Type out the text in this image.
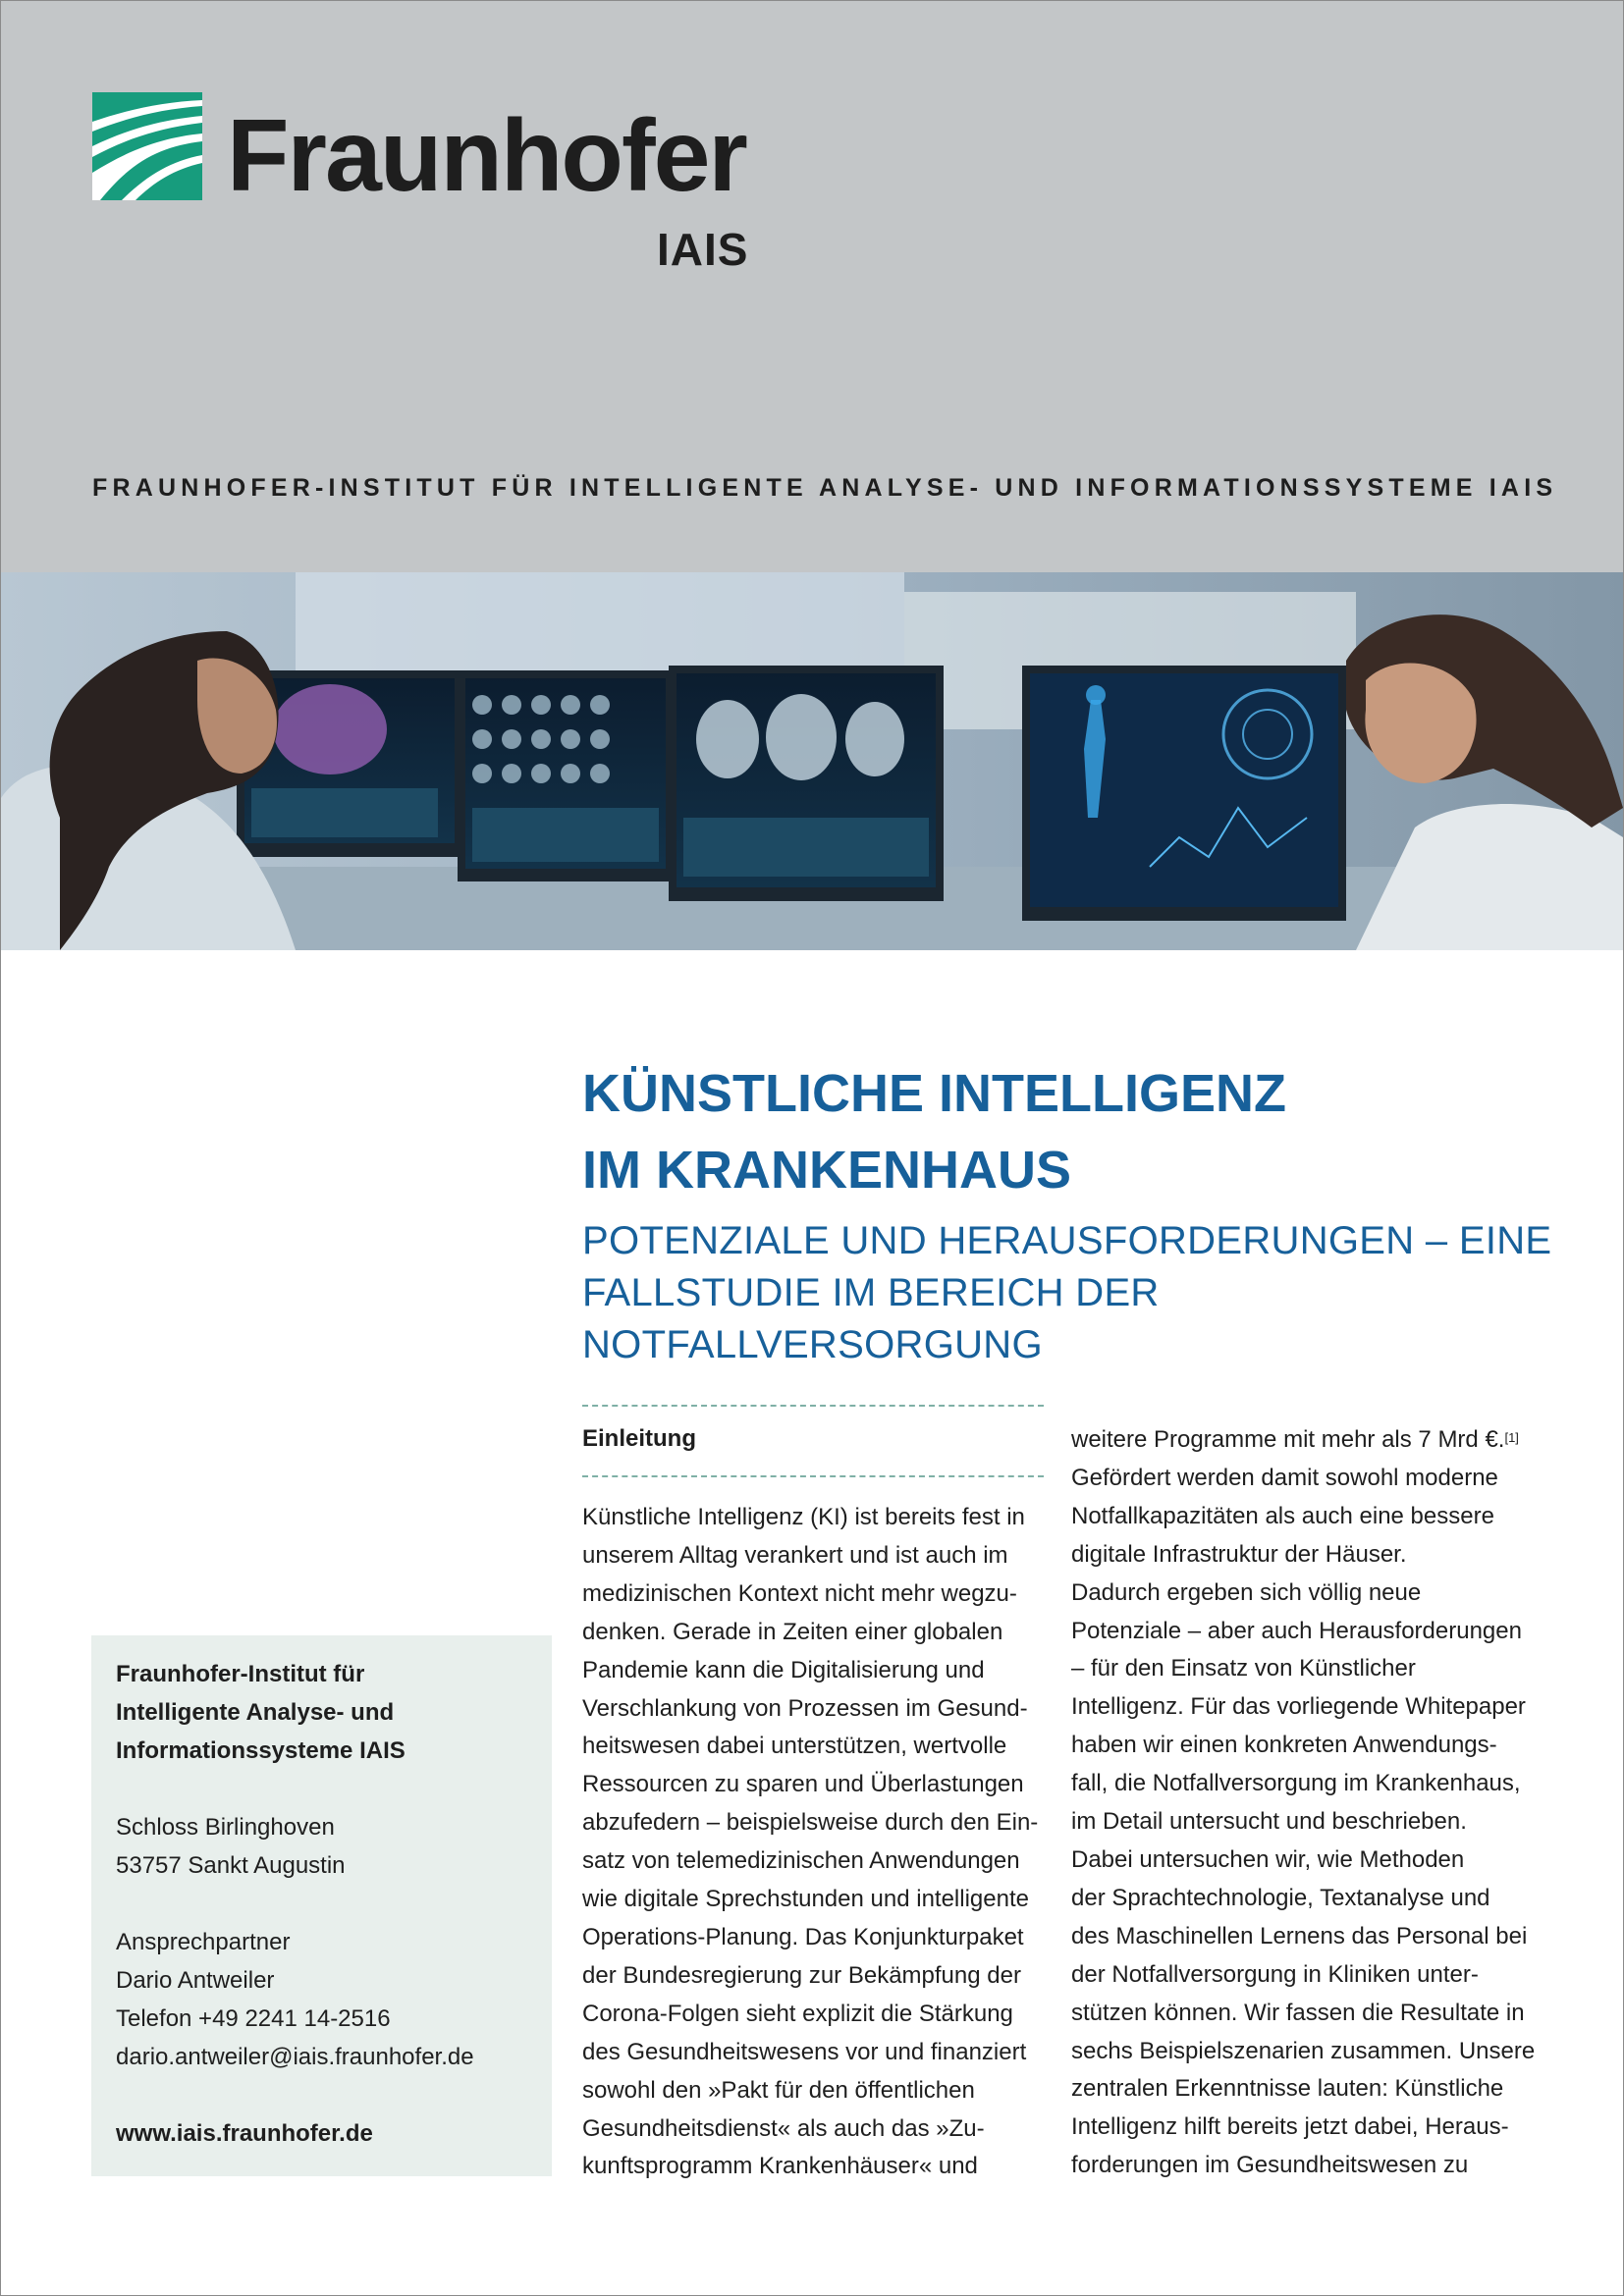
Fraunhofer
IAIS
FRAUNHOFER-INSTITUT FÜR INTELLIGENTE ANALYSE- UND INFORMATIONSSYSTEME IAIS
KÜNSTLICHE INTELLIGENZ
IM KRANKENHAUS
POTENZIALE UND HERAUSFORDERUNGEN – EINE
FALLSTUDIE IM BEREICH DER NOTFALLVERSORGUNG
Einleitung
Künstliche Intelligenz (KI) ist bereits fest in
unserem Alltag verankert und ist auch im
medizinischen Kontext nicht mehr wegzu-
denken. Gerade in Zeiten einer globalen
Pandemie kann die Digitalisierung und
Verschlankung von Prozessen im Gesund-
heitswesen dabei unterstützen, wertvolle
Ressourcen zu sparen und Überlastungen
abzufedern – beispielsweise durch den Ein-
satz von telemedizinischen Anwendungen
wie digitale Sprechstunden und intelligente
Operations-Planung. Das Konjunkturpaket
der Bundesregierung zur Bekämpfung der
Corona-Folgen sieht explizit die Stärkung
des Gesundheitswesens vor und finanziert
sowohl den »Pakt für den öffentlichen
Gesundheitsdienst« als auch das »Zu-
kunftsprogramm Krankenhäuser« und
weitere Programme mit mehr als 7 Mrd €.[1]
Gefördert werden damit sowohl moderne
Notfallkapazitäten als auch eine bessere
digitale Infrastruktur der Häuser.
Dadurch ergeben sich völlig neue
Potenziale – aber auch Herausforderungen
– für den Einsatz von Künstlicher
Intelligenz. Für das vorliegende Whitepaper
haben wir einen konkreten Anwendungs-
fall, die Notfallversorgung im Krankenhaus,
im Detail untersucht und beschrieben.
Dabei untersuchen wir, wie Methoden
der Sprachtechnologie, Textanalyse und
des Maschinellen Lernens das Personal bei
der Notfallversorgung in Kliniken unter-
stützen können. Wir fassen die Resultate in
sechs Beispielszenarien zusammen. Unsere
zentralen Erkenntnisse lauten: Künstliche
Intelligenz hilft bereits jetzt dabei, Heraus-
forderungen im Gesundheitswesen zu
Fraunhofer-Institut für
Intelligente Analyse- und
Informationssysteme IAIS
Schloss Birlinghoven
53757 Sankt Augustin
Ansprechpartner
Dario Antweiler
Telefon +49 2241 14-2516
dario.antweiler@iais.fraunhofer.de
www.iais.fraunhofer.de
